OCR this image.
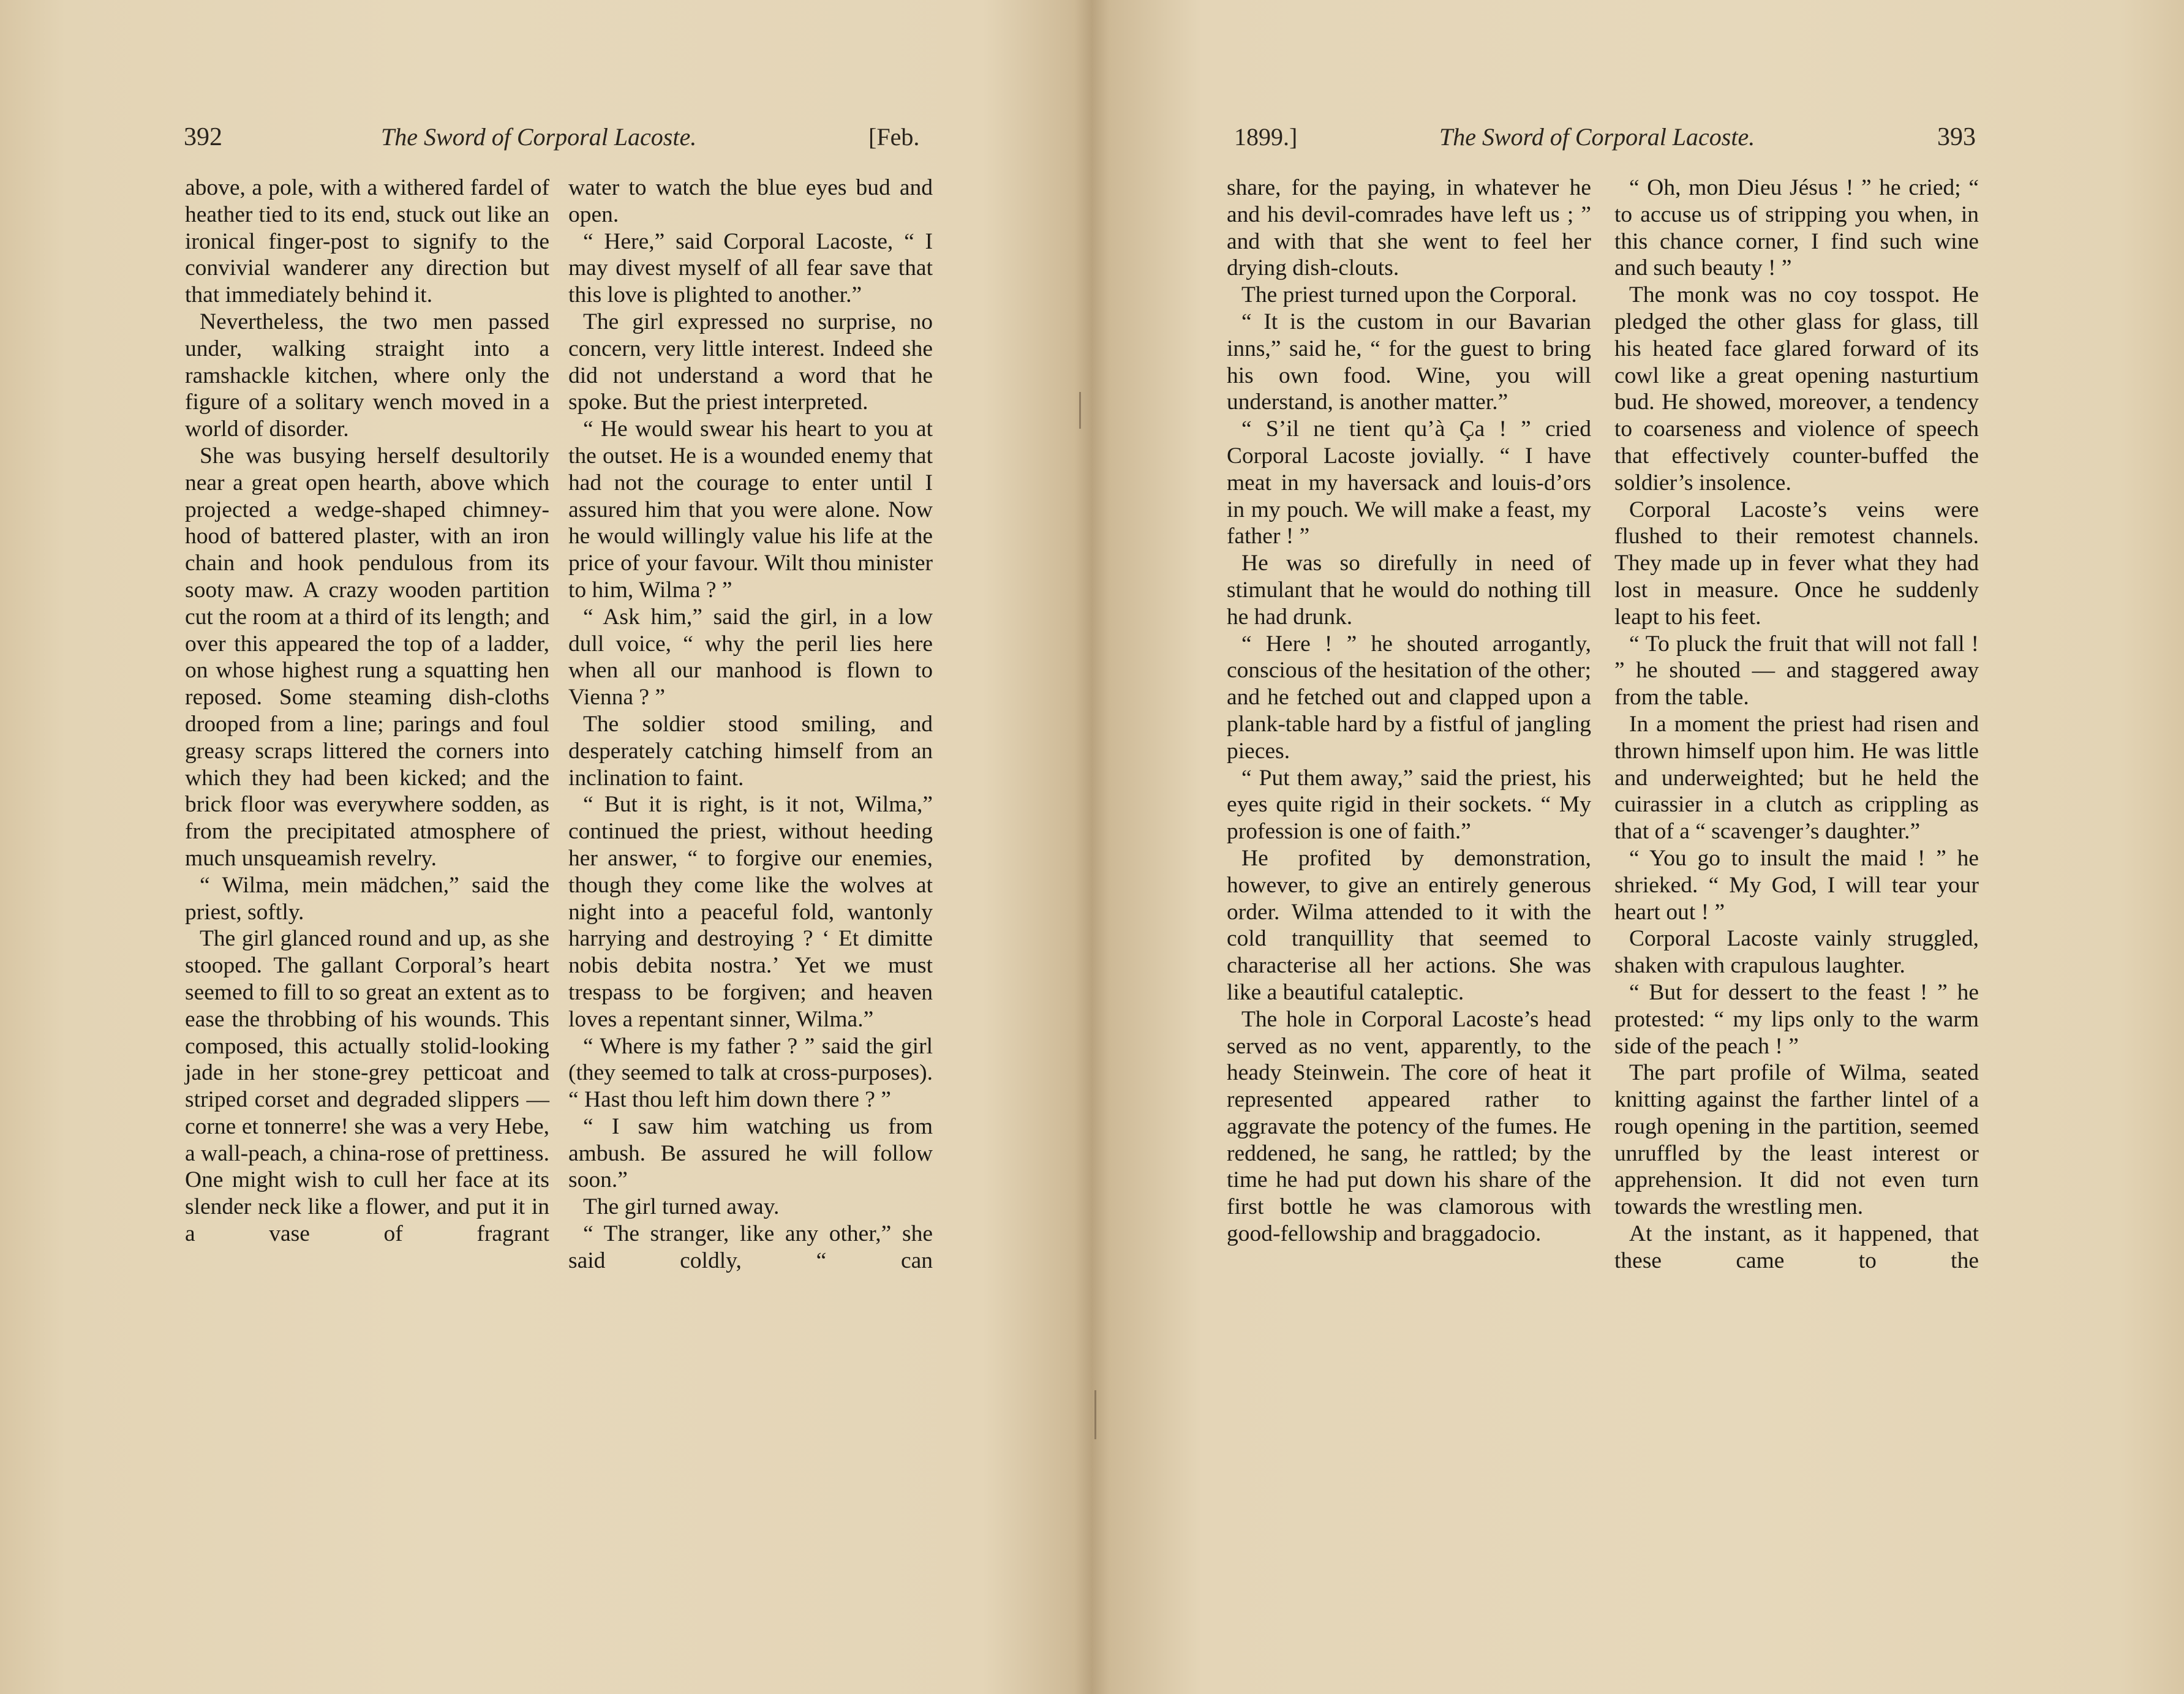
392	The Sword of Corporal Lacoste.	[Feb.

above, a pole, with a withered fardel of heather tied to its end, stuck out like an ironical finger-post to signify to the convivial wanderer any direction but that immediately behind it.

Nevertheless, the two men passed under, walking straight into a ramshackle kitchen, where only the figure of a solitary wench moved in a world of disorder.

She was busying herself desultorily near a great open hearth, above which projected a wedge-shaped chimney-hood of battered plaster, with an iron chain and hook pendulous from its sooty maw. A crazy wooden partition cut the room at a third of its length; and over this appeared the top of a ladder, on whose highest rung a squatting hen reposed. Some steaming dish-cloths drooped from a line; parings and foul greasy scraps littered the corners into which they had been kicked; and the brick floor was everywhere sodden, as from the precipitated atmosphere of much unsqueamish revelry.

“ Wilma, mein mädchen,” said the priest, softly.

The girl glanced round and up, as she stooped. The gallant Corporal’s heart seemed to fill to so great an extent as to ease the throbbing of his wounds. This composed, this actually stolid-looking jade in her stone-grey petticoat and striped corset and degraded slippers — corne et tonnerre! she was a very Hebe, a wall-peach, a china-rose of prettiness. One might wish to cull her face at its slender neck like a flower, and put it in a vase of fragrant

water to watch the blue eyes bud and open.

“ Here,” said Corporal Lacoste, “ I may divest myself of all fear save that this love is plighted to another.”

The girl expressed no surprise, no concern, very little interest. Indeed she did not understand a word that he spoke. But the priest interpreted.

“ He would swear his heart to you at the outset. He is a wounded enemy that had not the courage to enter until I assured him that you were alone. Now he would willingly value his life at the price of your favour. Wilt thou minister to him, Wilma ? ”

“ Ask him,” said the girl, in a low dull voice, “ why the peril lies here when all our manhood is flown to Vienna ? ”

The soldier stood smiling, and desperately catching himself from an inclination to faint.

“ But it is right, is it not, Wilma,” continued the priest, without heeding her answer, “ to forgive our enemies, though they come like the wolves at night into a peaceful fold, wantonly harrying and destroying ? ‘ Et dimitte nobis debita nostra.’ Yet we must trespass to be forgiven; and heaven loves a repentant sinner, Wilma.”

“ Where is my father ? ” said the girl (they seemed to talk at cross-purposes). “ Hast thou left him down there ? ”

“ I saw him watching us from ambush. Be assured he will follow soon.”

The girl turned away.

“ The stranger, like any other,” she said coldly, “ can

1899.]	The Sword of Corporal Lacoste.	393

share, for the paying, in whatever he and his devil-comrades have left us ; ” and with that she went to feel her drying dish-clouts.

The priest turned upon the Corporal.

“ It is the custom in our Bavarian inns,” said he, “ for the guest to bring his own food. Wine, you will understand, is another matter.”

“ S’il ne tient qu’à Ça ! ” cried Corporal Lacoste jovially. “ I have meat in my haversack and louis-d’ors in my pouch. We will make a feast, my father ! ”

He was so direfully in need of stimulant that he would do nothing till he had drunk.

“ Here ! ” he shouted arrogantly, conscious of the hesitation of the other; and he fetched out and clapped upon a plank-table hard by a fistful of jangling pieces.

“ Put them away,” said the priest, his eyes quite rigid in their sockets. “ My profession is one of faith.”

He profited by demonstration, however, to give an entirely generous order. Wilma attended to it with the cold tranquillity that seemed to characterise all her actions. She was like a beautiful cataleptic.

The hole in Corporal Lacoste’s head served as no vent, apparently, to the heady Steinwein. The core of heat it represented appeared rather to aggravate the potency of the fumes. He reddened, he sang, he rattled; by the time he had put down his share of the first bottle he was clamorous with good-fellowship and braggadocio.

“ Oh, mon Dieu Jésus ! ” he cried; “ to accuse us of stripping you when, in this chance corner, I find such wine and such beauty ! ”

The monk was no coy tosspot. He pledged the other glass for glass, till his heated face glared forward of its cowl like a great opening nasturtium bud. He showed, moreover, a tendency to coarseness and violence of speech that effectively counter-buffed the soldier’s insolence.

Corporal Lacoste’s veins were flushed to their remotest channels. They made up in fever what they had lost in measure. Once he suddenly leapt to his feet.

“ To pluck the fruit that will not fall ! ” he shouted — and staggered away from the table.

In a moment the priest had risen and thrown himself upon him. He was little and underweighted; but he held the cuirassier in a clutch as crippling as that of a “ scavenger’s daughter.”

“ You go to insult the maid ! ” he shrieked. “ My God, I will tear your heart out ! ”

Corporal Lacoste vainly struggled, shaken with crapulous laughter.

“ But for dessert to the feast ! ” he protested: “ my lips only to the warm side of the peach ! ”

The part profile of Wilma, seated knitting against the farther lintel of a rough opening in the partition, seemed unruffled by the least interest or apprehension. It did not even turn towards the wrestling men.

At the instant, as it happened, that these came to the
